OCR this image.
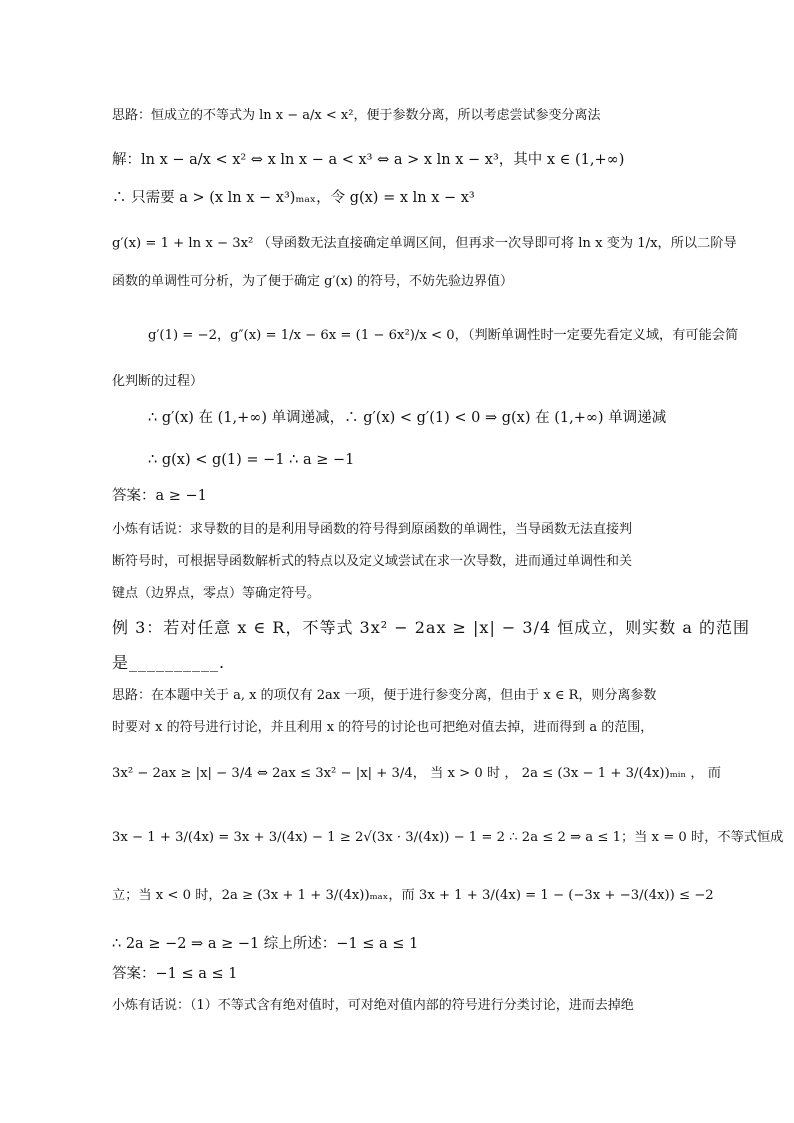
思路：恒成立的不等式为 ln x − a/x < x²，便于参数分离，所以考虑尝试参变分离法
解：ln x − a/x < x² ⇔ x ln x − a < x³ ⇔ a > x ln x − x³，其中 x ∈ (1,+∞)
∴ 只需要 a > (x ln x − x³)ₘₐₓ，令 g(x) = x ln x − x³
g′(x) = 1 + ln x − 3x² （导函数无法直接确定单调区间，但再求一次导即可将 ln x 变为 1/x，所以二阶导
函数的单调性可分析，为了便于确定 g′(x) 的符号，不妨先验边界值）
g′(1) = −2，g″(x) = 1/x − 6x = (1 − 6x²)/x < 0，（判断单调性时一定要先看定义域，有可能会简
化判断的过程）
∴ g′(x) 在 (1,+∞) 单调递减，∴ g′(x) < g′(1) < 0 ⇒ g(x) 在 (1,+∞) 单调递减
∴ g(x) < g(1) = −1 ∴ a ≥ −1
答案：a ≥ −1
小炼有话说：求导数的目的是利用导函数的符号得到原函数的单调性，当导函数无法直接判
断符号时，可根据导函数解析式的特点以及定义域尝试在求一次导数，进而通过单调性和关
键点（边界点，零点）等确定符号。
例 3：若对任意 x ∈ R，不等式 3x² − 2ax ≥ |x| − 3/4 恒成立，则实数 a 的范围
是__________.
思路：在本题中关于 a, x 的项仅有 2ax 一项，便于进行参变分离，但由于 x ∈ R，则分离参数
时要对 x 的符号进行讨论，并且利用 x 的符号的讨论也可把绝对值去掉，进而得到 a 的范围，
3x² − 2ax ≥ |x| − 3/4 ⇔ 2ax ≤ 3x² − |x| + 3/4， 当 x > 0 时 ， 2a ≤ (3x − 1 + 3/(4x))ₘᵢₙ ， 而
3x − 1 + 3/(4x) = 3x + 3/(4x) − 1 ≥ 2√(3x · 3/(4x)) − 1 = 2 ∴ 2a ≤ 2 ⇒ a ≤ 1；当 x = 0 时，不等式恒成
立；当 x < 0 时，2a ≥ (3x + 1 + 3/(4x))ₘₐₓ，而 3x + 1 + 3/(4x) = 1 − (−3x + −3/(4x)) ≤ −2
∴ 2a ≥ −2 ⇒ a ≥ −1 综上所述：−1 ≤ a ≤ 1
答案：−1 ≤ a ≤ 1
小炼有话说：（1）不等式含有绝对值时，可对绝对值内部的符号进行分类讨论，进而去掉绝
